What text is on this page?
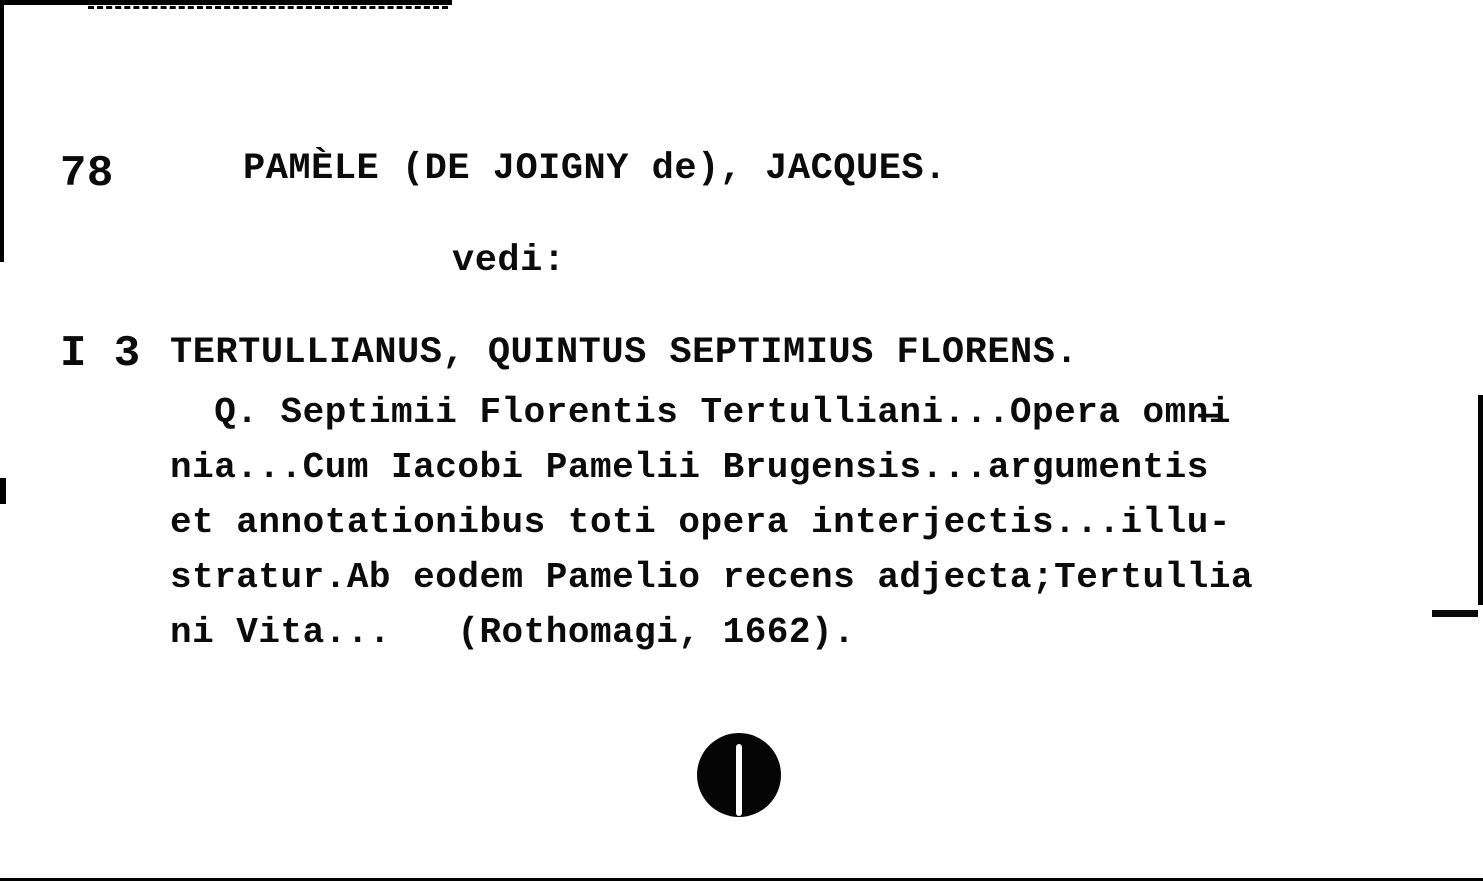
78

I 3

PAMÈLE (DE JOIGNY de), JACQUES.
vedi:
TERTULLIANUS, QUINTUS SEPTIMIUS FLORENS.
Q. Septimii Florentis Tertulliani...Opera omn̶i
nia...Cum Iacobi Pamelii Brugensis...argumentis
et annotationibus toti opera interjectis...illu-
stratur.Ab eodem Pamelio recens adjecta;Tertullia
ni Vita...   (Rothomagi, 1662).
